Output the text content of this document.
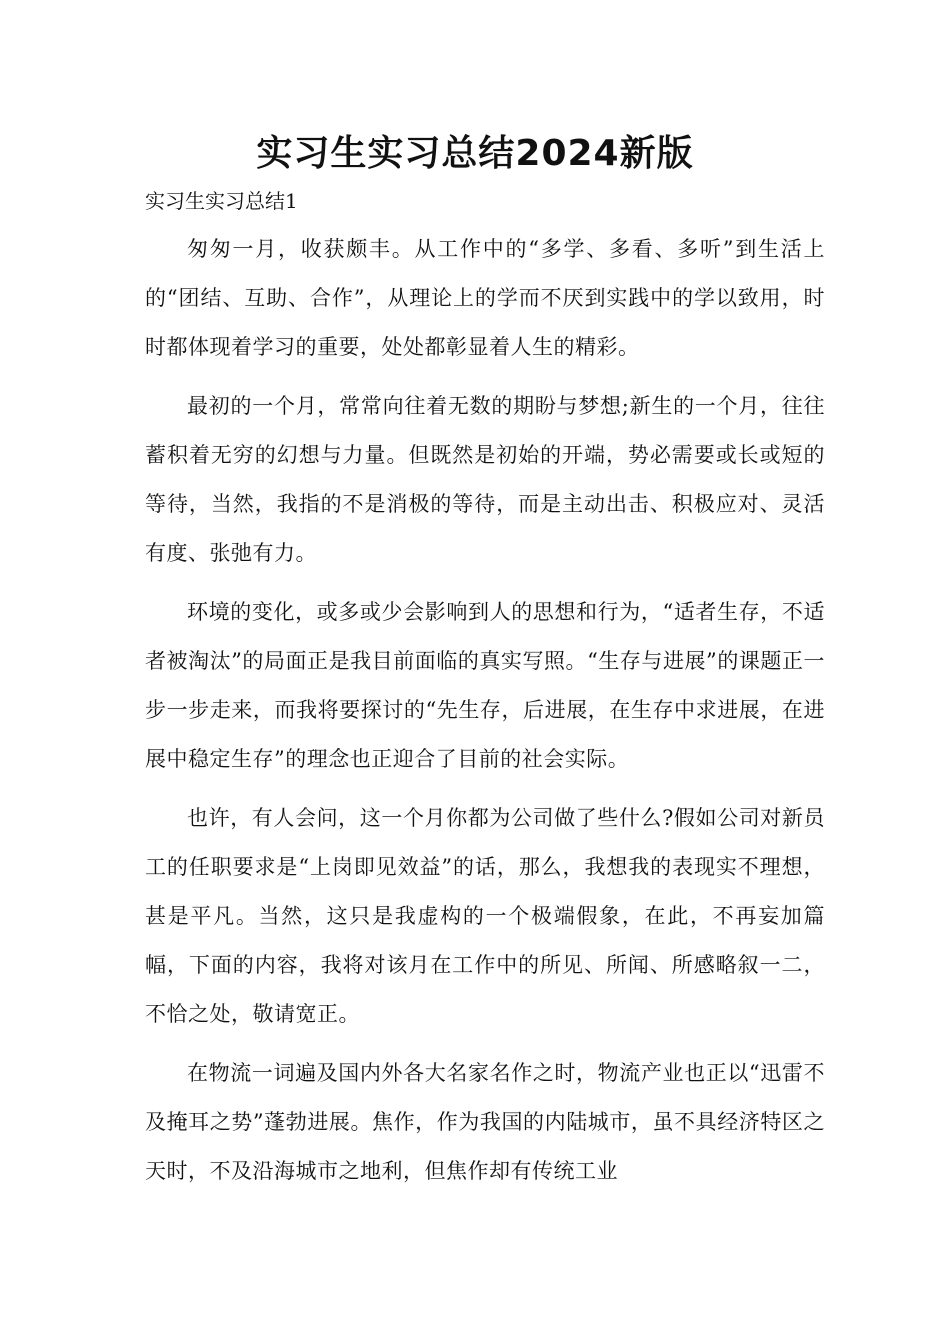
实习生实习总结2024新版

实习生实习总结1

匆匆一月，收获颇丰。从工作中的“多学、多看、多听”到生活上的“团结、互助、合作”，从理论上的学而不厌到实践中的学以致用，时时都体现着学习的重要，处处都彰显着人生的精彩。

最初的一个月，常常向往着无数的期盼与梦想;新生的一个月，往往蓄积着无穷的幻想与力量。但既然是初始的开端，势必需要或长或短的等待，当然，我指的不是消极的等待，而是主动出击、积极应对、灵活有度、张弛有力。

环境的变化，或多或少会影响到人的思想和行为，“适者生存，不适者被淘汰”的局面正是我目前面临的真实写照。“生存与进展”的课题正一步一步走来，而我将要探讨的“先生存，后进展，在生存中求进展，在进展中稳定生存”的理念也正迎合了目前的社会实际。

也许，有人会问，这一个月你都为公司做了些什么?假如公司对新员工的任职要求是“上岗即见效益”的话，那么，我想我的表现实不理想，甚是平凡。当然，这只是我虚构的一个极端假象，在此，不再妄加篇幅，下面的内容，我将对该月在工作中的所见、所闻、所感略叙一二，不恰之处，敬请宽正。

在物流一词遍及国内外各大名家名作之时，物流产业也正以“迅雷不及掩耳之势”蓬勃进展。焦作，作为我国的内陆城市，虽不具经济特区之天时，不及沿海城市之地利，但焦作却有传统工业
